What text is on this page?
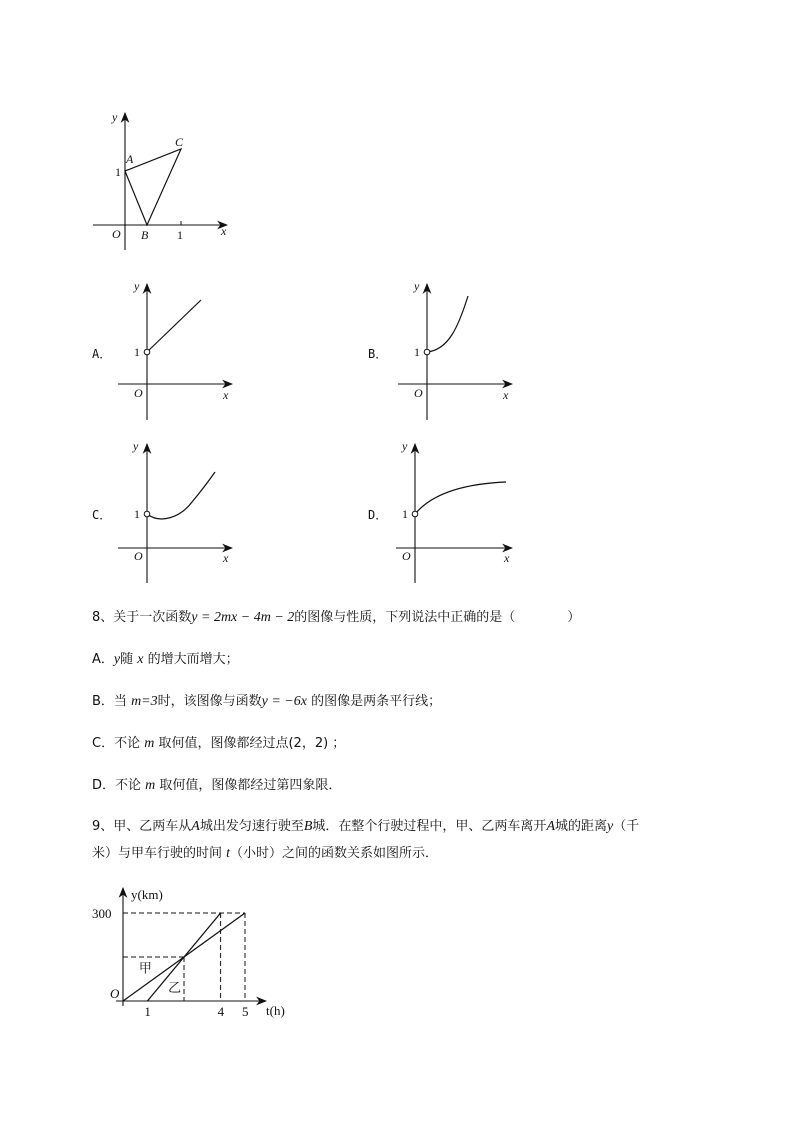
y
x
O
A
B
C
1
1
A．
y
x
O
1	B．
y
x
O
1
C．
y
x
O
1	D．
y
x
O
1
8、关于一次函数y = 2mx − 4m − 2的图像与性质，下列说法中正确的是（	）
A．y随 x 的增大而增大；
B．当 m=3时，该图像与函数y = −6x 的图像是两条平行线；
C．不论 m 取何值，图像都经过点(2，2) ；
D．不论 m 取何值，图像都经过第四象限．
9、甲、乙两车从A城出发匀速行驶至B城．在整个行驶过程中，甲、乙两车离开A城的距离y（千
米）与甲车行驶的时间 t（小时）之间的函数关系如图所示．
甲
乙
300
1	4 5
y(km)
t(h)
O
